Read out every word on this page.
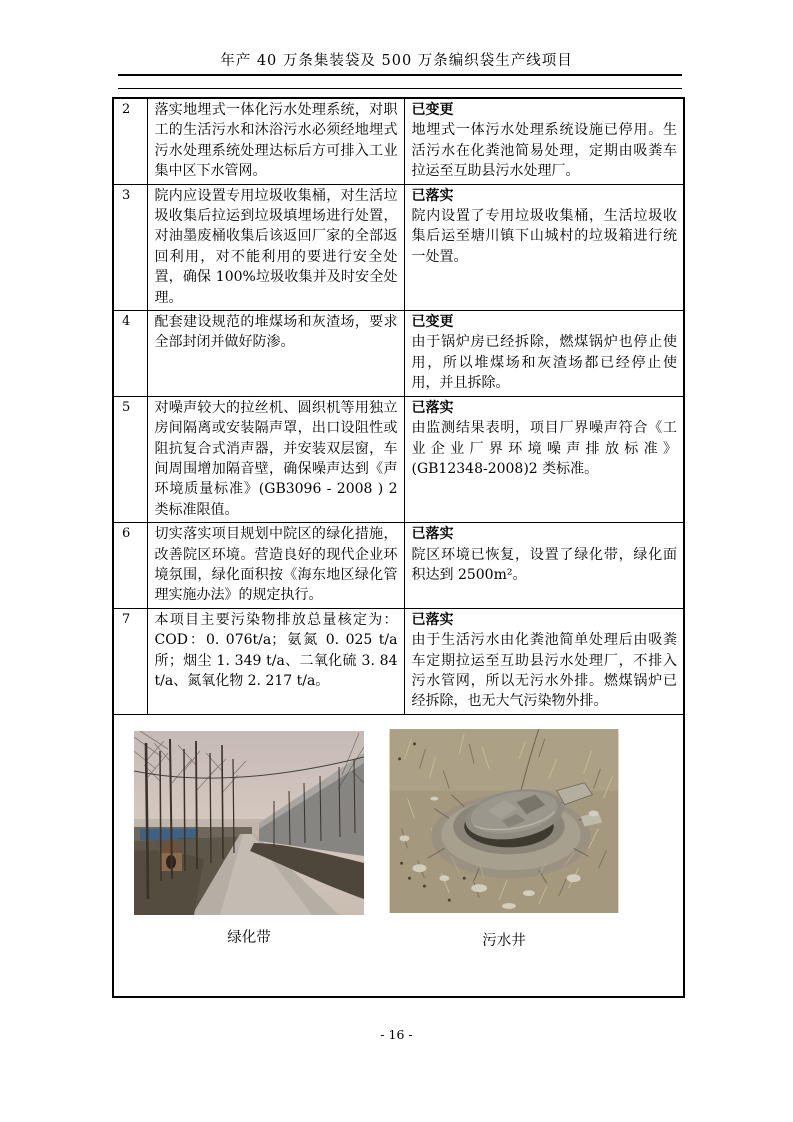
年产 40 万条集装袋及 500 万条编织袋生产线项目
2	落实地埋式一体化污水处理系统，对职工的生活污水和沐浴污水必须经地埋式污水处理系统处理达标后方可排入工业集中区下水管网。	已变更
地埋式一体污水处理系统设施已停用。生活污水在化粪池简易处理，定期由吸粪车拉运至互助县污水处理厂。

3	院内应设置专用垃圾收集桶，对生活垃圾收集后拉运到垃圾填埋场进行处置，对油墨废桶收集后该返回厂家的全部返回利用，对不能利用的要进行安全处置，确保 100%垃圾收集并及时安全处理。	已落实
院内设置了专用垃圾收集桶，生活垃圾收集后运至塘川镇下山城村的垃圾箱进行统一处置。

4	配套建设规范的堆煤场和灰渣场，要求全部封闭并做好防渗。	已变更
由于锅炉房已经拆除，燃煤锅炉也停止使用，所以堆煤场和灰渣场都已经停止使用，并且拆除。

5	对噪声较大的拉丝机、圆织机等用独立房间隔离或安装隔声罩，出口设阻性或阻抗复合式消声器，并安装双层窗，车间周围增加隔音壁，确保噪声达到《声环境质量标准》(GB3096 - 2008 ) 2 类标准限值。	已落实
由监测结果表明，项目厂界噪声符合《工业企业厂界环境噪声排放标准》(GB12348-2008)2 类标准。

6	切实落实项目规划中院区的绿化措施，改善院区环境。营造良好的现代企业环境氛围，绿化面积按《海东地区绿化管理实施办法》的规定执行。	已落实
院区环境已恢复，设置了绿化带，绿化面积达到 2500m²。

7	本项目主要污染物排放总量核定为：COD：0. 076t/a；氨氮 0. 025 t/a 所；烟尘 1. 349 t/a、二氧化硫 3. 84 t/a、氮氧化物 2. 217 t/a。	已落实
由于生活污水由化粪池简单处理后由吸粪车定期拉运至互助县污水处理厂，不排入污水管网，所以无污水外排。燃煤锅炉已经拆除，也无大气污染物外排。

绿化带 污水井		
- 16 -
